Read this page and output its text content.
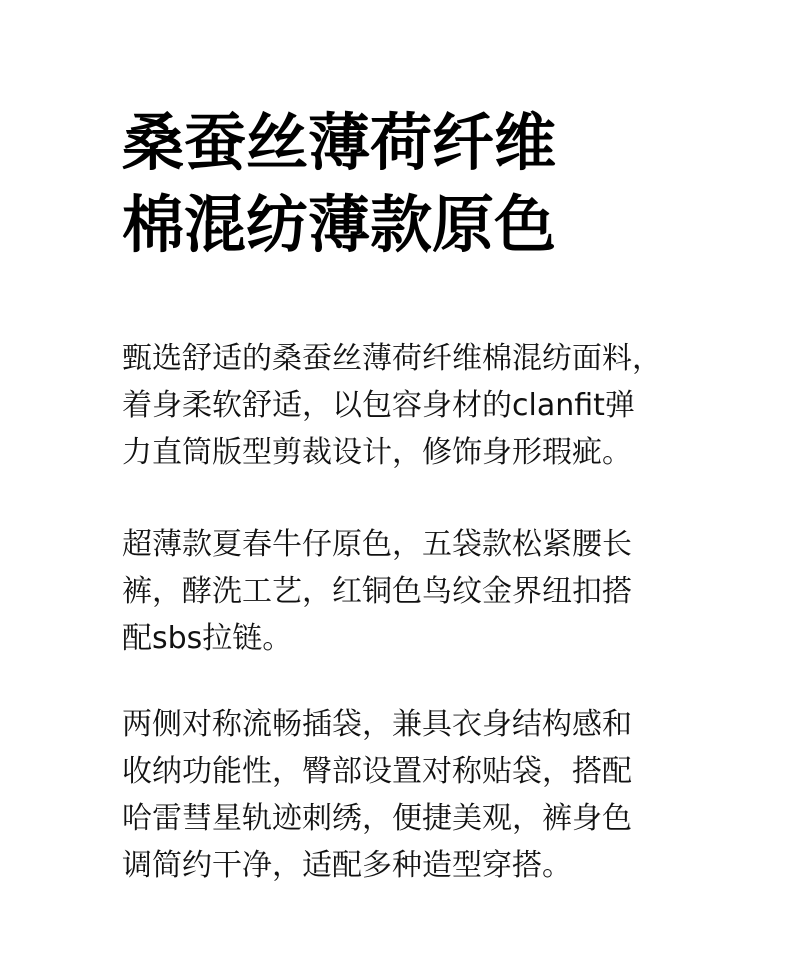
桑蚕丝薄荷纤维
棉混纺薄款原色

甄选舒适的桑蚕丝薄荷纤维棉混纺面料，
着身柔软舒适，以包容身材的clanfit弹
力直筒版型剪裁设计，修饰身形瑕疵。

超薄款夏春牛仔原色，五袋款松紧腰长
裤，酵洗工艺，红铜色鸟纹金界纽扣搭
配sbs拉链。

两侧对称流畅插袋，兼具衣身结构感和
收纳功能性，臀部设置对称贴袋，搭配
哈雷彗星轨迹刺绣，便捷美观，裤身色
调简约干净，适配多种造型穿搭。
